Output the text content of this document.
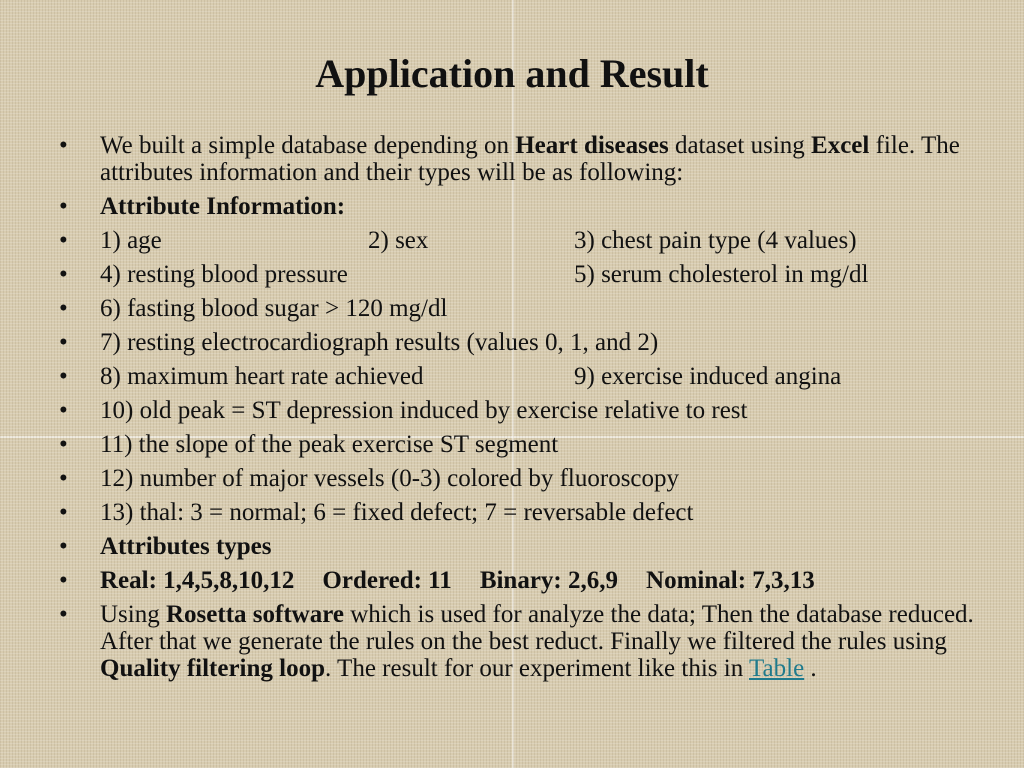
Application and Result
• We built a simple database depending on Heart diseases dataset using Excel file. The attributes information and their types will be as following:
• Attribute Information:
• 1) age	2) sex	3) chest pain type (4 values)
• 4) resting blood pressure	5) serum cholesterol in mg/dl
• 6) fasting blood sugar > 120 mg/dl
• 7) resting electrocardiograph results (values 0, 1, and 2)
• 8) maximum heart rate achieved	9) exercise induced angina
• 10) old peak = ST depression induced by exercise relative to rest
• 11) the slope of the peak exercise ST segment
• 12) number of major vessels (0-3) colored by fluoroscopy
• 13) thal: 3 = normal; 6 = fixed defect; 7 = reversable defect
• Attributes types
• Real: 1,4,5,8,10,12 Ordered: 11 Binary: 2,6,9 Nominal: 7,3,13
• Using Rosetta software which is used for analyze the data; Then the database reduced. After that we generate the rules on the best reduct. Finally we filtered the rules using Quality filtering loop. The result for our experiment like this in Table .
